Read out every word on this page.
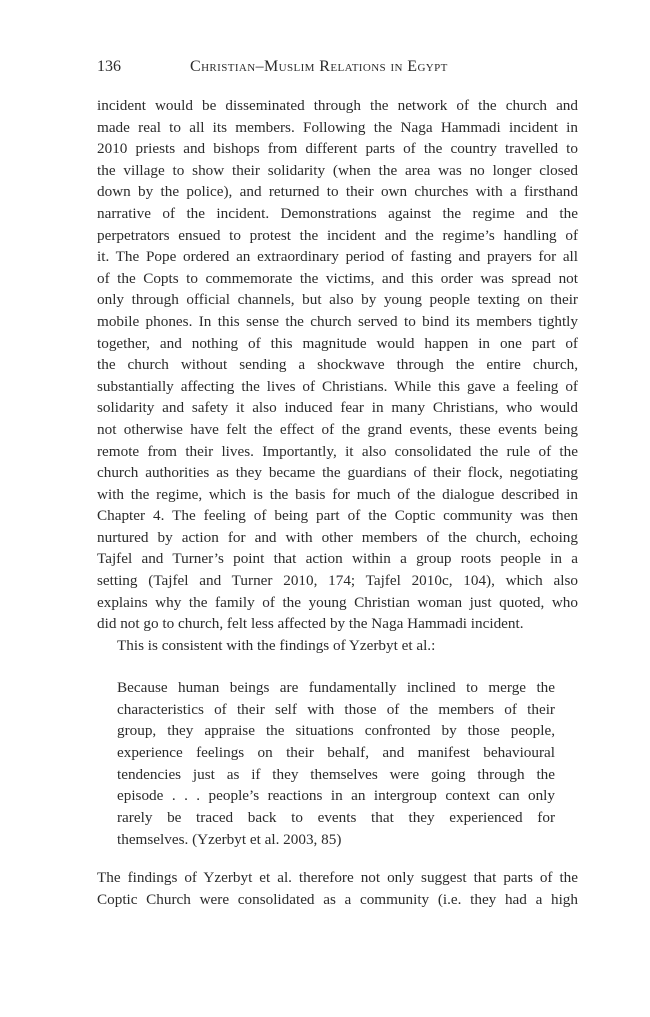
136	Christian–Muslim Relations in Egypt
incident would be disseminated through the network of the church and
made real to all its members. Following the Naga Hammadi incident in
2010 priests and bishops from different parts of the country travelled to
the village to show their solidarity (when the area was no longer closed
down by the police), and returned to their own churches with a firsthand
narrative of the incident. Demonstrations against the regime and the
perpetrators ensued to protest the incident and the regime’s handling of
it. The Pope ordered an extraordinary period of fasting and prayers for all
of the Copts to commemorate the victims, and this order was spread not
only through official channels, but also by young people texting on their
mobile phones. In this sense the church served to bind its members tightly
together, and nothing of this magnitude would happen in one part of
the church without sending a shockwave through the entire church,
substantially affecting the lives of Christians. While this gave a feeling of
solidarity and safety it also induced fear in many Christians, who would
not otherwise have felt the effect of the grand events, these events being
remote from their lives. Importantly, it also consolidated the rule of the
church authorities as they became the guardians of their flock, negotiating
with the regime, which is the basis for much of the dialogue described in
Chapter 4. The feeling of being part of the Coptic community was then
nurtured by action for and with other members of the church, echoing
Tajfel and Turner’s point that action within a group roots people in a
setting (Tajfel and Turner 2010, 174; Tajfel 2010c, 104), which also
explains why the family of the young Christian woman just quoted, who
did not go to church, felt less affected by the Naga Hammadi incident.
This is consistent with the findings of Yzerbyt et al.:
Because human beings are fundamentally inclined to merge the
characteristics of their self with those of the members of their
group, they appraise the situations confronted by those people,
experience feelings on their behalf, and manifest behavioural
tendencies just as if they themselves were going through the
episode . . . people’s reactions in an intergroup context can only
rarely be traced back to events that they experienced for
themselves. (Yzerbyt et al. 2003, 85)
The findings of Yzerbyt et al. therefore not only suggest that parts of the
Coptic Church were consolidated as a community (i.e. they had a high
